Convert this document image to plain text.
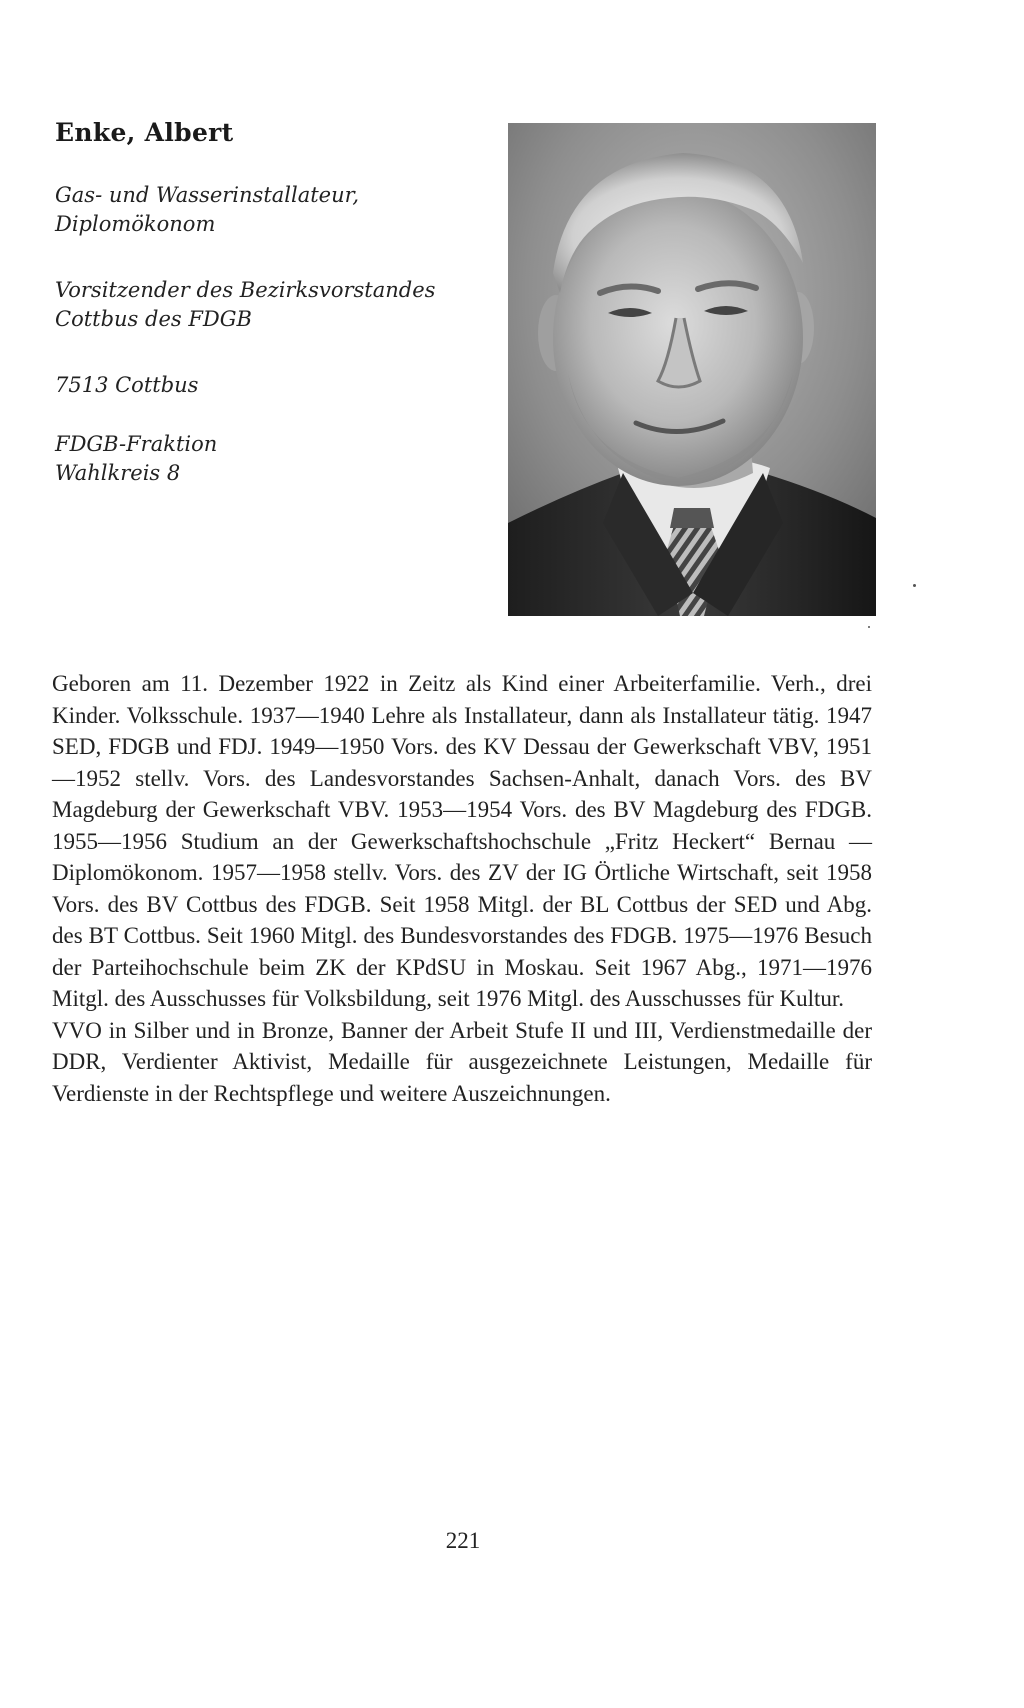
Enke, Albert
Gas- und Wasserinstallateur,
Diplomökonom
Vorsitzender des Bezirksvorstandes
Cottbus des FDGB
7513 Cottbus
FDGB-Fraktion
Wahlkreis 8

Geboren am 11. Dezember 1922 in Zeitz als Kind einer Arbeiterfamilie. Verh., drei Kinder. Volksschule. 1937—1940 Lehre als Installateur, dann als Installateur tätig. 1947 SED, FDGB und FDJ. 1949—1950 Vors. des KV Dessau der Gewerkschaft VBV, 1951—1952 stellv. Vors. des Landesvorstandes Sachsen-Anhalt, danach Vors. des BV Magdeburg der Gewerkschaft VBV. 1953—1954 Vors. des BV Magdeburg des FDGB. 1955—1956 Studium an der Gewerkschaftshochschule „Fritz Heckert“ Bernau — Diplomökonom. 1957—1958 stellv. Vors. des ZV der IG Örtliche Wirtschaft, seit 1958 Vors. des BV Cottbus des FDGB. Seit 1958 Mitgl. der BL Cottbus der SED und Abg. des BT Cottbus. Seit 1960 Mitgl. des Bundesvorstandes des FDGB. 1975—1976 Besuch der Parteihochschule beim ZK der KPdSU in Moskau. Seit 1967 Abg., 1971—1976 Mitgl. des Ausschusses für Volksbildung, seit 1976 Mitgl. des Ausschusses für Kultur.

VVO in Silber und in Bronze, Banner der Arbeit Stufe II und III, Verdienstmedaille der DDR, Verdienter Aktivist, Medaille für ausgezeichnete Leistungen, Medaille für Verdienste in der Rechtspflege und weitere Auszeichnungen.

221
